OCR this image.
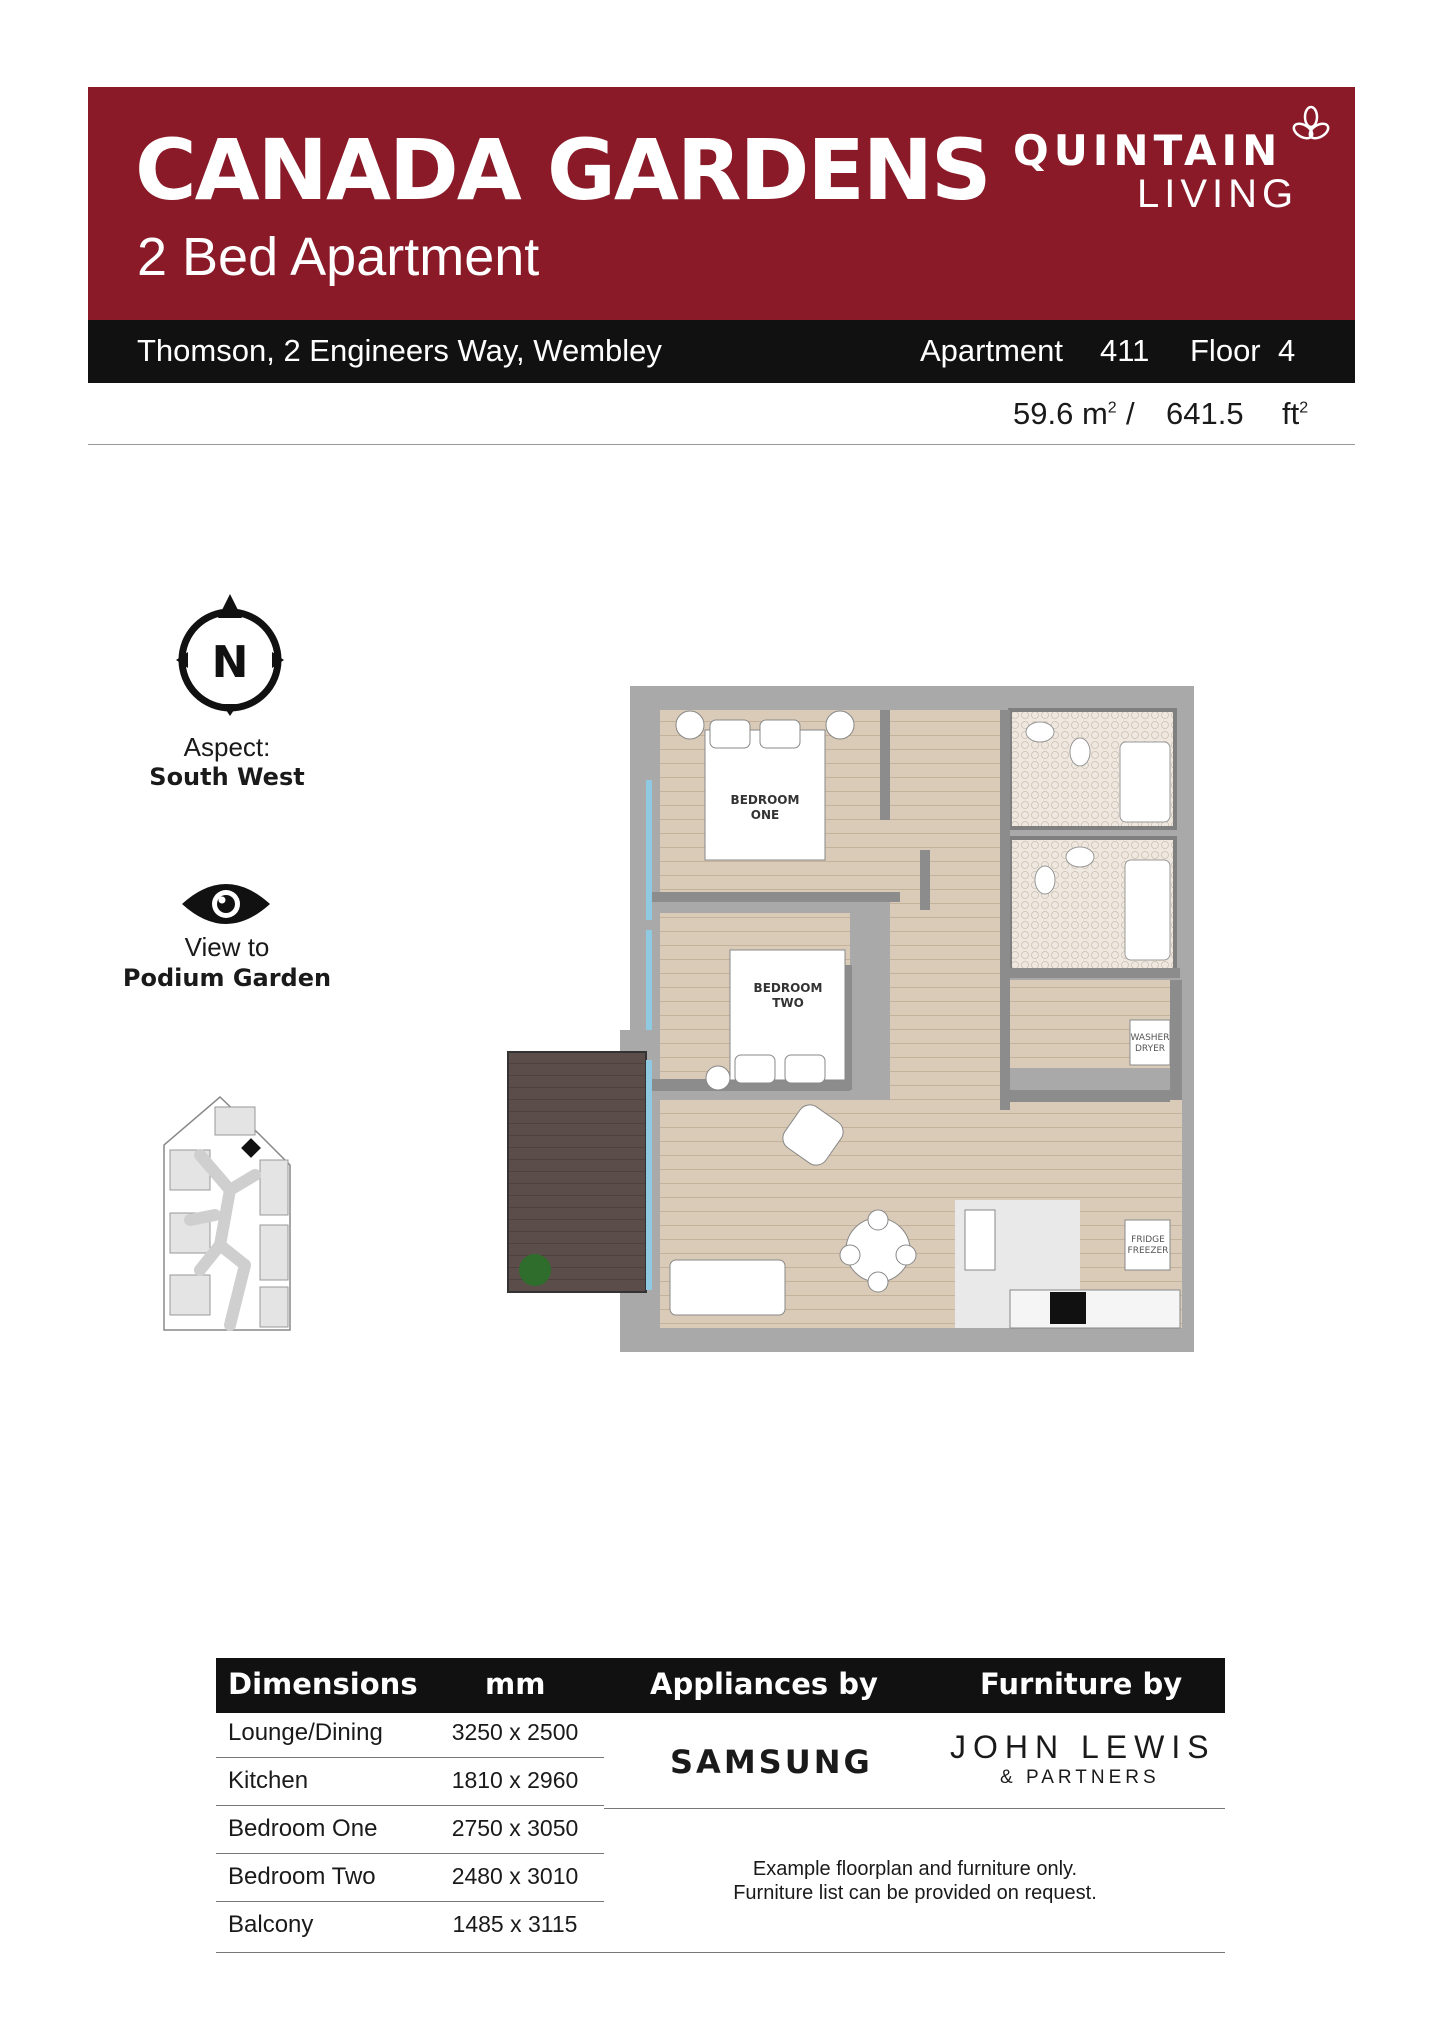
CANADA GARDENS
2 Bed Apartment
QUINTAIN
LIVING
Thomson, 2 Engineers Way, Wembley	Apartment 411 Floor 4
59.6 $m^2 / 641.5$ $ft^2$
N
Aspect:
South West
View to
Podium Garden
BEDROOM
ONE
BEDROOM
TWO
FRIDGE
FREEZER
WASHER
DRYER
Dimensions mm	Appliances by	Furniture by
Lounge/Dining	3250 x 2500
Kitchen	1810 x 2960
Bedroom One	2750 x 3050
Bedroom Two	2480 x 3010
Balcony	1485 x 3115
SAMSUNG JOHN LEWIS
& PARTNERS
Example floorplan and furniture only.
Furniture list can be provided on request.
